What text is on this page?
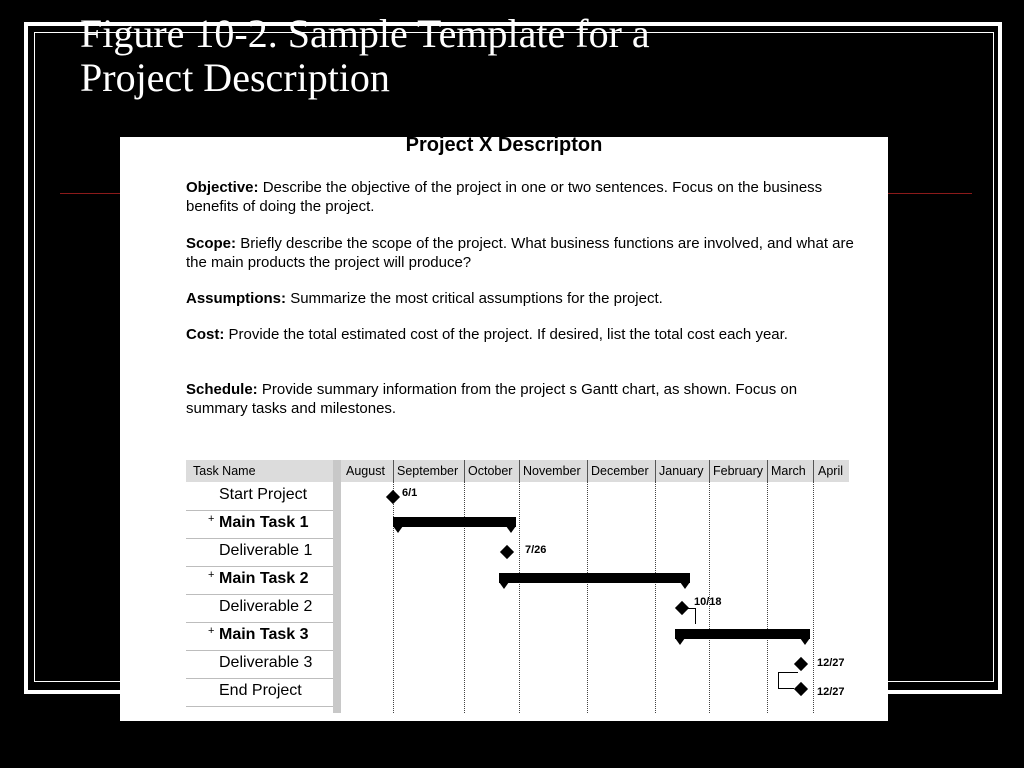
Figure 10-2. Sample Template for a
Project Description
Project X Descripton

Objective: Describe the objective of the project in one or two sentences. Focus on the business benefits of doing the project.

Scope: Briefly describe the scope of the project. What business functions are involved, and what are the main products the project will produce?

Assumptions: Summarize the most critical assumptions for the project.

Cost: Provide the total estimated cost of the project. If desired, list the total cost each year.

Schedule: Provide summary information from the project s Gantt chart, as shown. Focus on summary tasks and milestones.

Task Name	August September October November December January February March April
Start Project
+ Main Task 1
Deliverable 1
+ Main Task 2
Deliverable 2
+ Main Task 3
Deliverable 3
End Project
6/1
7/26
10/18
12/27
12/27
